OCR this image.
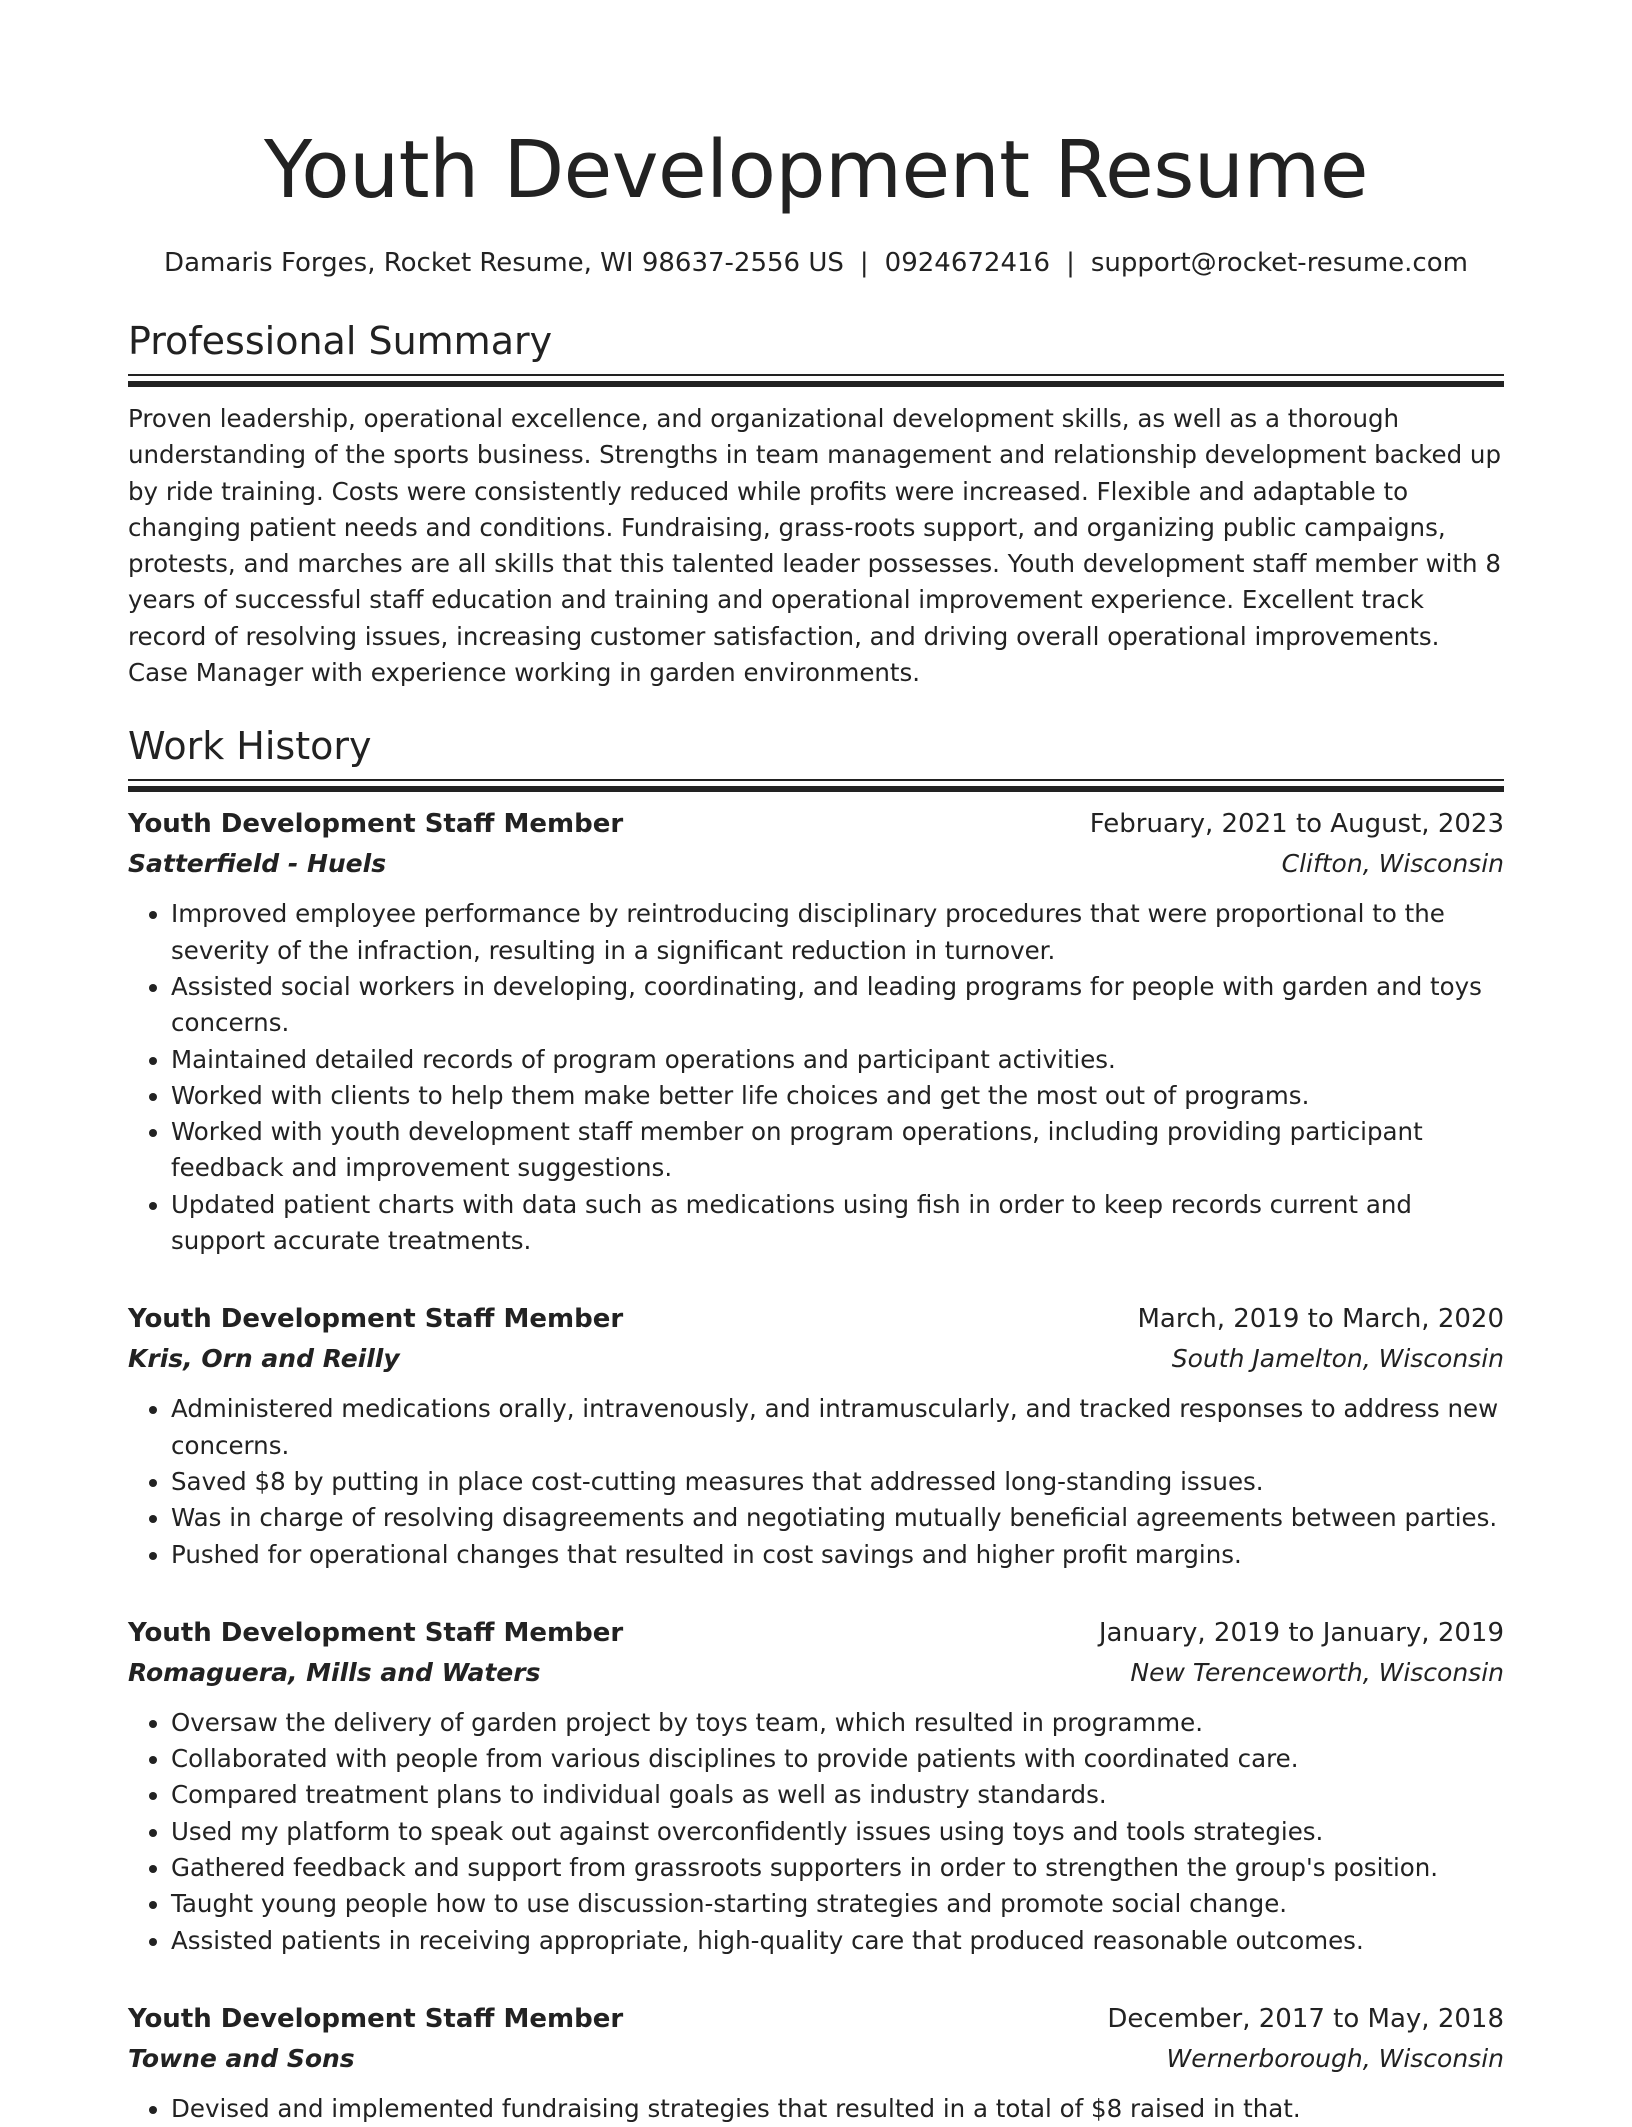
Youth Development Resume
Damaris Forges, Rocket Resume, WI 98637-2556 US | 0924672416 | support@rocket-resume.com
Professional Summary

Proven leadership, operational excellence, and organizational development skills, as well as a thorough understanding of the sports business. Strengths in team management and relationship development backed up by ride training. Costs were consistently reduced while profits were increased. Flexible and adaptable to changing patient needs and conditions. Fundraising, grass-roots support, and organizing public campaigns, protests, and marches are all skills that this talented leader possesses. Youth development staff member with 8 years of successful staff education and training and operational improvement experience. Excellent track record of resolving issues, increasing customer satisfaction, and driving overall operational improvements. Case Manager with experience working in garden environments.

Work History
Youth Development Staff Member	February, 2021 to August, 2023
Satterfield - Huels	Clifton, Wisconsin
• Improved employee performance by reintroducing disciplinary procedures that were proportional to the severity of the infraction, resulting in a significant reduction in turnover.
• Assisted social workers in developing, coordinating, and leading programs for people with garden and toys concerns.
• Maintained detailed records of program operations and participant activities.
• Worked with clients to help them make better life choices and get the most out of programs.
• Worked with youth development staff member on program operations, including providing participant feedback and improvement suggestions.
• Updated patient charts with data such as medications using fish in order to keep records current and support accurate treatments.
Youth Development Staff Member	March, 2019 to March, 2020
Kris, Orn and Reilly	South Jamelton, Wisconsin
• Administered medications orally, intravenously, and intramuscularly, and tracked responses to address new concerns.
• Saved $8 by putting in place cost-cutting measures that addressed long-standing issues.
• Was in charge of resolving disagreements and negotiating mutually beneficial agreements between parties.
• Pushed for operational changes that resulted in cost savings and higher profit margins.
Youth Development Staff Member	January, 2019 to January, 2019
Romaguera, Mills and Waters	New Terenceworth, Wisconsin
• Oversaw the delivery of garden project by toys team, which resulted in programme.
• Collaborated with people from various disciplines to provide patients with coordinated care.
• Compared treatment plans to individual goals as well as industry standards.
• Used my platform to speak out against overconfidently issues using toys and tools strategies.
• Gathered feedback and support from grassroots supporters in order to strengthen the group's position.
• Taught young people how to use discussion-starting strategies and promote social change.
• Assisted patients in receiving appropriate, high-quality care that produced reasonable outcomes.
Youth Development Staff Member	December, 2017 to May, 2018
Towne and Sons	Wernerborough, Wisconsin
• Devised and implemented fundraising strategies that resulted in a total of $8 raised in that.
